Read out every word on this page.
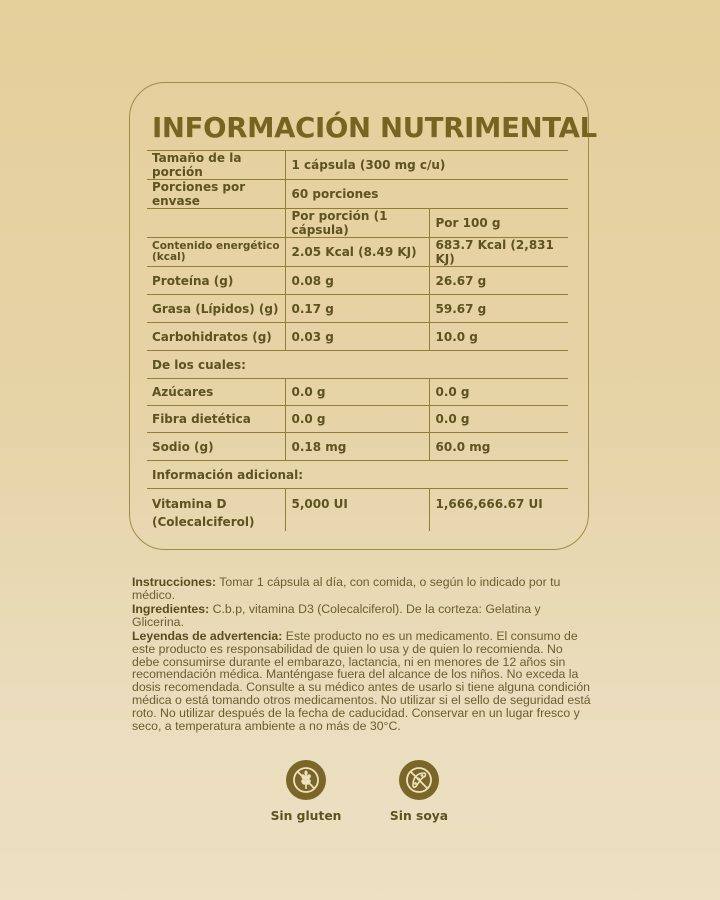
INFORMACIÓN NUTRIMENTAL
Tamaño de la porción	1 cápsula (300 mg c/u)	
Porciones por envase	60 porciones	
	Por porción (1 cápsula)	Por 100 g
Contenido energético (kcal)	2.05 Kcal (8.49 KJ)	683.7 Kcal (2,831 KJ)
Proteína (g)	0.08 g	26.67 g
Grasa (Lípidos) (g)	0.17 g	59.67 g
Carbohidratos (g)	0.03 g	10.0 g
De los cuales:		
Azúcares	0.0 g	0.0 g
Fibra dietética	0.0 g	0.0 g
Sodio (g)	0.18 mg	60.0 mg
Información adicional:		
Vitamina D (Colecalciferol)	5,000 UI	1,666,666.67 UI
Instrucciones: Tomar 1 cápsula al día, con comida, o según lo indicado por tu médico.
Ingredientes: C.b.p, vitamina D3 (Colecalciferol). De la corteza: Gelatina y Glicerina.
Leyendas de advertencia: Este producto no es un medicamento. El consumo de este producto es responsabilidad de quien lo usa y de quien lo recomienda. No debe consumirse durante el embarazo, lactancia, ni en menores de 12 años sin recomendación médica. Manténgase fuera del alcance de los niños. No exceda la dosis recomendada. Consulte a su médico antes de usarlo si tiene alguna condición médica o está tomando otros medicamentos. No utilizar si el sello de seguridad está roto. No utilizar después de la fecha de caducidad. Conservar en un lugar fresco y seco, a temperatura ambiente a no más de 30°C.
Sin gluten	Sin soya
